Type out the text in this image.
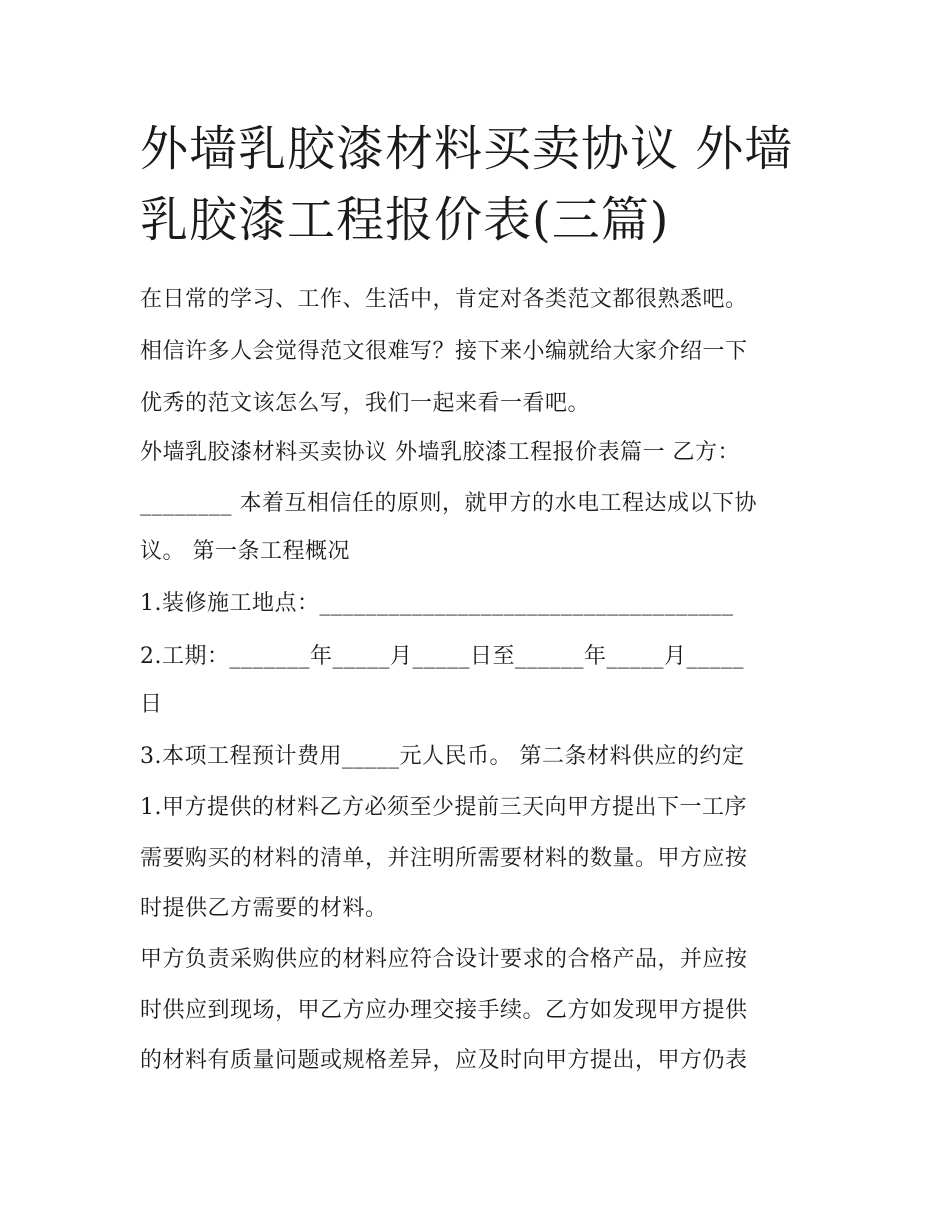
外墙乳胶漆材料买卖协议 外墙
乳胶漆工程报价表(三篇)

在日常的学习、工作、生活中，肯定对各类范文都很熟悉吧。

相信许多人会觉得范文很难写？接下来小编就给大家介绍一下

优秀的范文该怎么写，我们一起来看一看吧。

外墙乳胶漆材料买卖协议 外墙乳胶漆工程报价表篇一 乙方：

________ 本着互相信任的原则，就甲方的水电工程达成以下协

议。 第一条工程概况

1.装修施工地点：____________________________________

2.工期：_______年_____月_____日至______年_____月_____

日

3.本项工程预计费用_____元人民币。 第二条材料供应的约定

1.甲方提供的材料乙方必须至少提前三天向甲方提出下一工序

需要购买的材料的清单，并注明所需要材料的数量。甲方应按

时提供乙方需要的材料。

甲方负责采购供应的材料应符合设计要求的合格产品，并应按

时供应到现场，甲乙方应办理交接手续。乙方如发现甲方提供

的材料有质量问题或规格差异，应及时向甲方提出，甲方仍表
